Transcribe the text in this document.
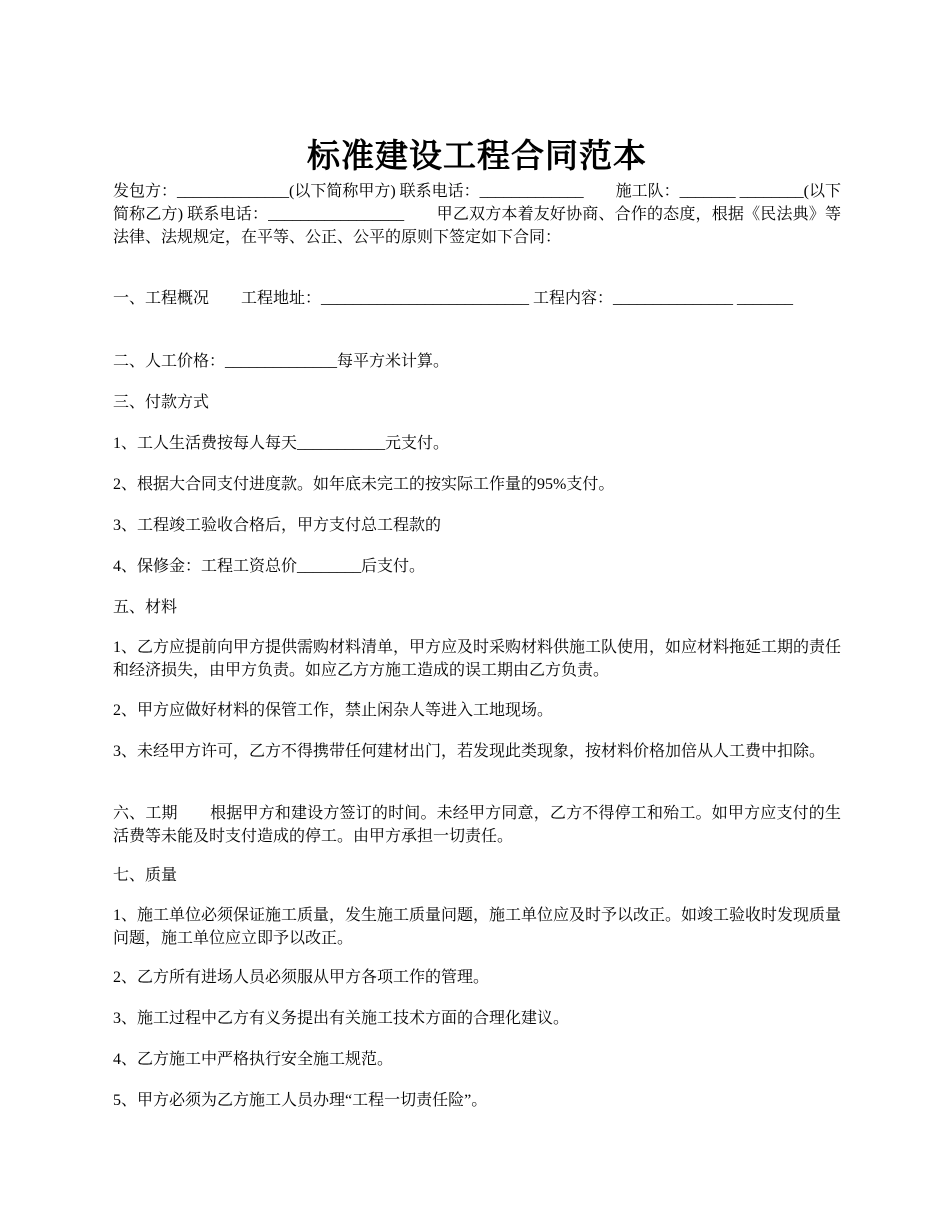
标准建设工程合同范本

发包方：______________(以下简称甲方) 联系电话：_____________　　施工队：_______ ________(以下简称乙方) 联系电话：_________________　　甲乙双方本着友好协商、合作的态度，根据《民法典》等法律、法规规定，在平等、公正、公平的原则下签定如下合同：

一、工程概况　　工程地址：__________________________ 工程内容：_______________ _______

二、人工价格：______________每平方米计算。

三、付款方式

1、工人生活费按每人每天___________元支付。

2、根据大合同支付进度款。如年底未完工的按实际工作量的95%支付。

3、工程竣工验收合格后，甲方支付总工程款的

4、保修金：工程工资总价________后支付。

五、材料

1、乙方应提前向甲方提供需购材料清单，甲方应及时采购材料供施工队使用，如应材料拖延工期的责任和经济损失，由甲方负责。如应乙方方施工造成的误工期由乙方负责。

2、甲方应做好材料的保管工作，禁止闲杂人等进入工地现场。

3、未经甲方许可，乙方不得携带任何建材出门，若发现此类现象，按材料价格加倍从人工费中扣除。

六、工期　　根据甲方和建设方签订的时间。未经甲方同意，乙方不得停工和殆工。如甲方应支付的生活费等未能及时支付造成的停工。由甲方承担一切责任。

七、质量

1、施工单位必须保证施工质量，发生施工质量问题，施工单位应及时予以改正。如竣工验收时发现质量问题，施工单位应立即予以改正。

2、乙方所有进场人员必须服从甲方各项工作的管理。

3、施工过程中乙方有义务提出有关施工技术方面的合理化建议。

4、乙方施工中严格执行安全施工规范。

5、甲方必须为乙方施工人员办理“工程一切责任险”。
